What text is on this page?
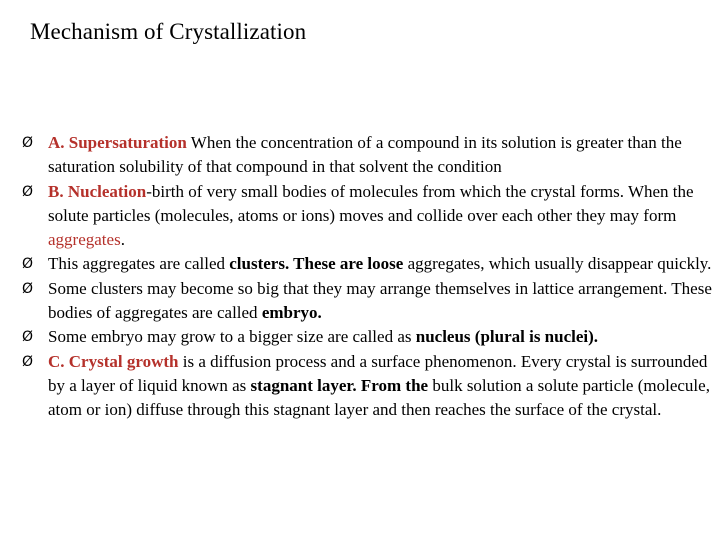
Mechanism of Crystallization
Ø A. Supersaturation When the concentration of a compound in its solution is greater than the saturation solubility of that compound in that solvent the condition
Ø B. Nucleation-birth of very small bodies of molecules from which the crystal forms. When the solute particles (molecules, atoms or ions) moves and collide over each other they may form aggregates.
Ø This aggregates are called clusters. These are loose aggregates, which usually disappear quickly.
Ø Some clusters may become so big that they may arrange themselves in lattice arrangement. These bodies of aggregates are called embryo.
Ø Some embryo may grow to a bigger size are called as nucleus (plural is nuclei).
Ø C. Crystal growth is a diffusion process and a surface phenomenon. Every crystal is surrounded by a layer of liquid known as stagnant layer. From the bulk solution a solute particle (molecule, atom or ion) diffuse through this stagnant layer and then reaches the surface of the crystal.
